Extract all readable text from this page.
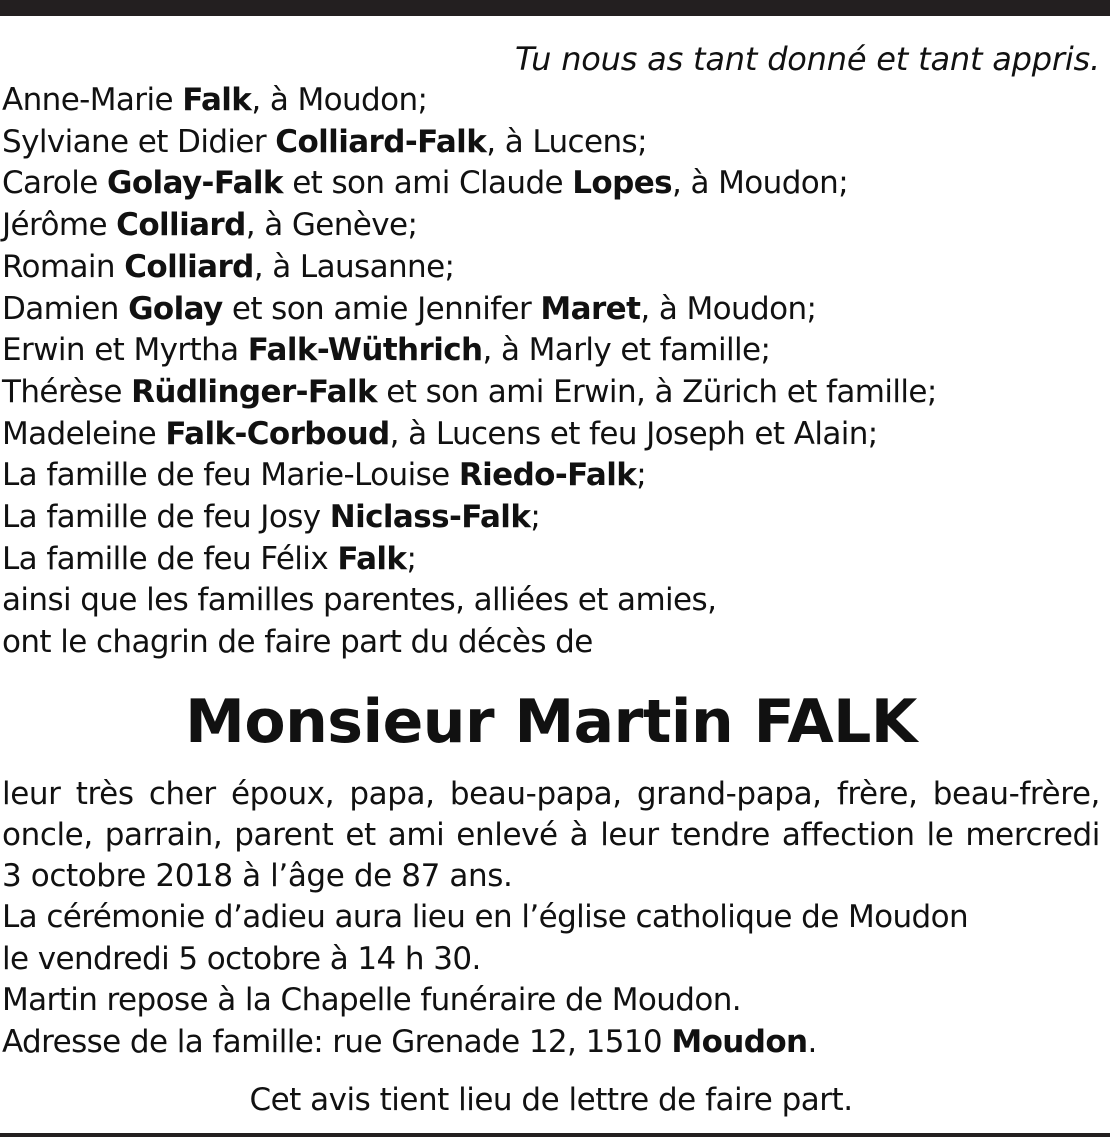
Tu nous as tant donné et tant appris.

Anne-Marie Falk, à Moudon;

Sylviane et Didier Colliard-Falk, à Lucens;

Carole Golay-Falk et son ami Claude Lopes, à Moudon;

Jérôme Colliard, à Genève;

Romain Colliard, à Lausanne;

Damien Golay et son amie Jennifer Maret, à Moudon;

Erwin et Myrtha Falk-Wüthrich, à Marly et famille;

Thérèse Rüdlinger-Falk et son ami Erwin, à Zürich et famille;

Madeleine Falk-Corboud, à Lucens et feu Joseph et Alain;

La famille de feu Marie-Louise Riedo-Falk;

La famille de feu Josy Niclass-Falk;

La famille de feu Félix Falk;

ainsi que les familles parentes, alliées et amies,

ont le chagrin de faire part du décès de

Monsieur Martin FALK

leur très cher époux, papa, beau-papa, grand-papa, frère, beau-frère, oncle, parrain, parent et ami enlevé à leur tendre affection le mercredi 3 octobre 2018 à l’âge de 87 ans.

La cérémonie d’adieu aura lieu en l’église catholique de Moudon

le vendredi 5 octobre à 14 h 30.

Martin repose à la Chapelle funéraire de Moudon.

Adresse de la famille: rue Grenade 12, 1510 Moudon.

Cet avis tient lieu de lettre de faire part.
